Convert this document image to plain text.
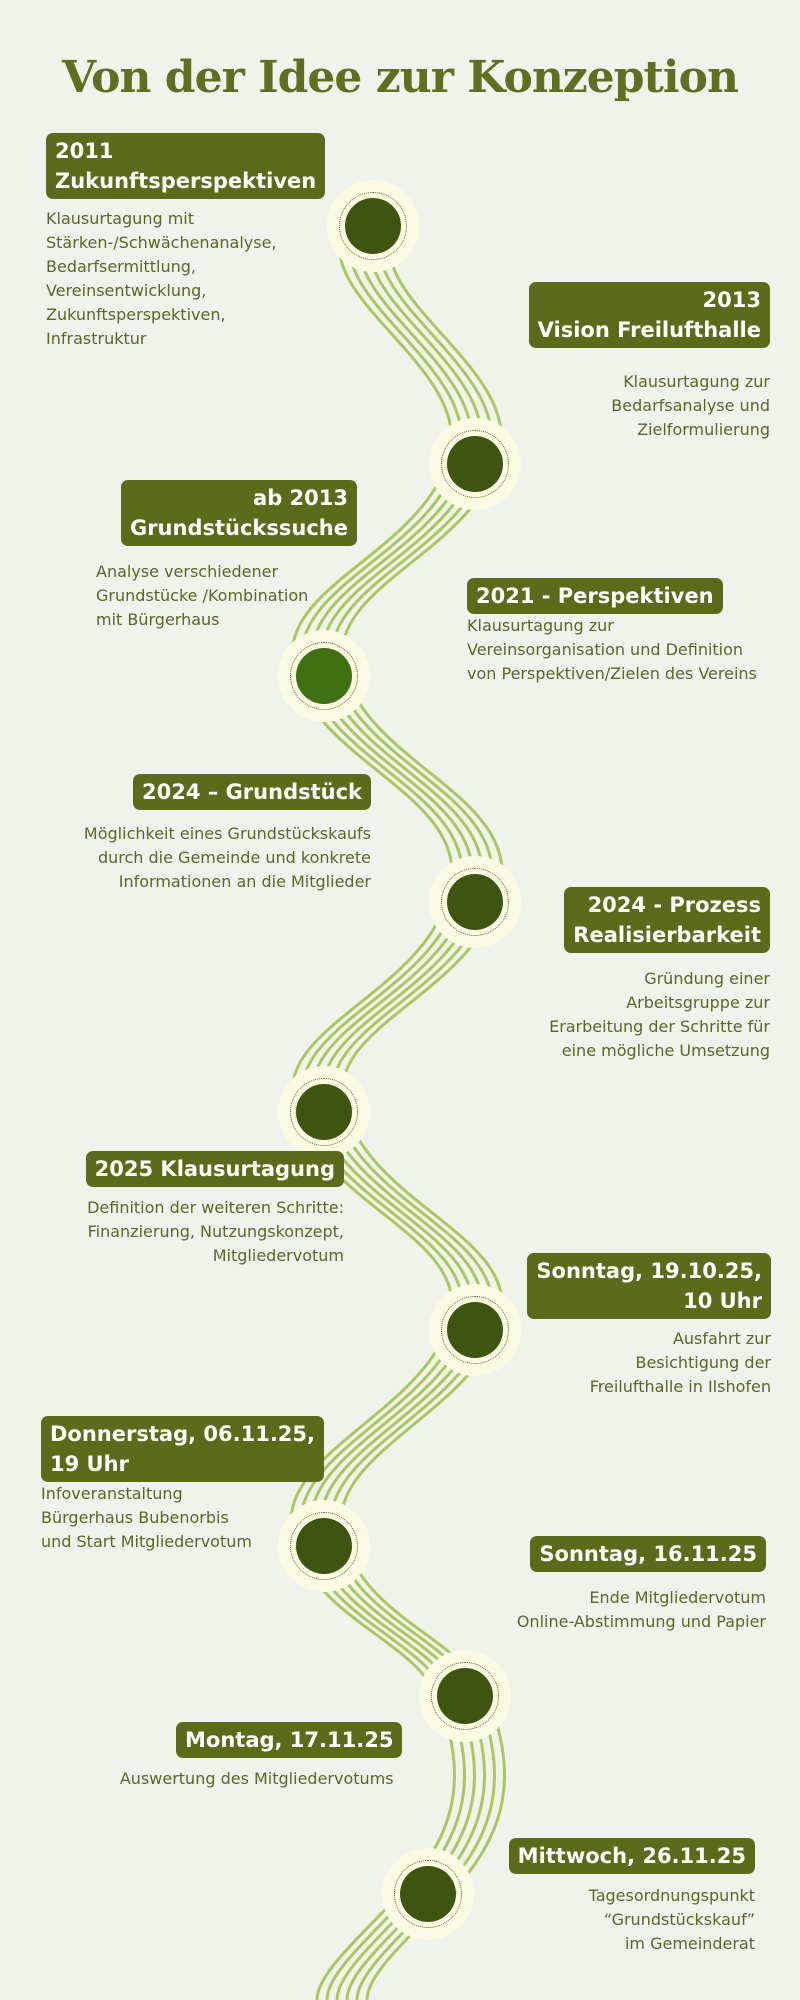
Von der Idee zur Konzeption
2011
Zukunftsperspektiven
Klausurtagung mit
Stärken-/Schwächenanalyse,
Bedarfsermittlung,
Vereinsentwicklung,
Zukunftsperspektiven,
Infrastruktur
2013
Vision Freilufthalle
Klausurtagung zur
Bedarfsanalyse und
Zielformulierung
ab 2013
Grundstückssuche
Analyse verschiedener
Grundstücke /Kombination
mit Bürgerhaus
2021 - Perspektiven
Klausurtagung zur
Vereinsorganisation und Definition
von Perspektiven/Zielen des Vereins
2024 – Grundstück
Möglichkeit eines Grundstückskaufs
durch die Gemeinde und konkrete
Informationen an die Mitglieder
2024 - Prozess
Realisierbarkeit
Gründung einer
Arbeitsgruppe zur
Erarbeitung der Schritte für
eine mögliche Umsetzung
2025 Klausurtagung
Definition der weiteren Schritte:
Finanzierung, Nutzungskonzept,
Mitgliedervotum
Sonntag, 19.10.25,
10 Uhr
Ausfahrt zur
Besichtigung der
Freilufthalle in Ilshofen
Donnerstag, 06.11.25,
19 Uhr
Infoveranstaltung
Bürgerhaus Bubenorbis
und Start Mitgliedervotum
Sonntag, 16.11.25
Ende Mitgliedervotum
Online-Abstimmung und Papier
Montag, 17.11.25
Auswertung des Mitgliedervotums
Mittwoch, 26.11.25
Tagesordnungspunkt
“Grundstückskauf”
im Gemeinderat
